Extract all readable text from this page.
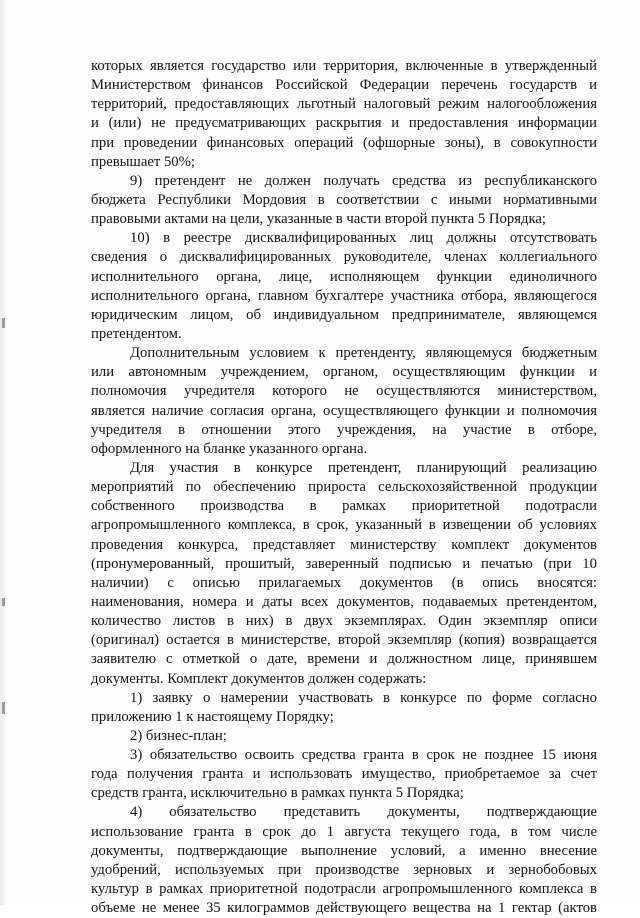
которых является государство или территория, включенные в утвержденный
Министерством финансов Российской Федерации перечень государств и
территорий, предоставляющих льготный налоговый режим налогообложения
и (или) не предусматривающих раскрытия и предоставления информации
при проведении финансовых операций (офшорные зоны), в совокупности
превышает 50%;
9) претендент не должен получать средства из республиканского
бюджета Республики Мордовия в соответствии с иными нормативными
правовыми актами на цели, указанные в части второй пункта 5 Порядка;
10) в реестре дисквалифицированных лиц должны отсутствовать
сведения о дисквалифицированных руководителе, членах коллегиального
исполнительного органа, лице, исполняющем функции единоличного
исполнительного органа, главном бухгалтере участника отбора, являющегося
юридическим лицом, об индивидуальном предпринимателе, являющемся
претендентом.
Дополнительным условием к претенденту, являющемуся бюджетным
или автономным учреждением, органом, осуществляющим функции и
полномочия учредителя которого не осуществляются министерством,
является наличие согласия органа, осуществляющего функции и полномочия
учредителя в отношении этого учреждения, на участие в отборе,
оформленного на бланке указанного органа.
Для участия в конкурсе претендент, планирующий реализацию
мероприятий по обеспечению прироста сельскохозяйственной продукции
собственного производства в рамках приоритетной подотрасли
агропромышленного комплекса, в срок, указанный в извещении об условиях
проведения конкурса, представляет министерству комплект документов
(пронумерованный, прошитый, заверенный подписью и печатью (при 10
наличии) с описью прилагаемых документов (в опись вносятся:
наименования, номера и даты всех документов, подаваемых претендентом,
количество листов в них) в двух экземплярах. Один экземпляр описи
(оригинал) остается в министерстве, второй экземпляр (копия) возвращается
заявителю с отметкой о дате, времени и должностном лице, принявшем
документы. Комплект документов должен содержать:
1) заявку о намерении участвовать в конкурсе по форме согласно
приложению 1 к настоящему Порядку;
2) бизнес-план;
3) обязательство освоить средства гранта в срок не позднее 15 июня
года получения гранта и использовать имущество, приобретаемое за счет
средств гранта, исключительно в рамках пункта 5 Порядка;
4) обязательство представить документы, подтверждающие
использование гранта в срок до 1 августа текущего года, в том числе
документы, подтверждающие выполнение условий, а именно внесение
удобрений, используемых при производстве зерновых и зернобобовых
культур в рамках приоритетной подотрасли агропромышленного комплекса в
объеме не менее 35 килограммов действующего вещества на 1 гектар (актов
